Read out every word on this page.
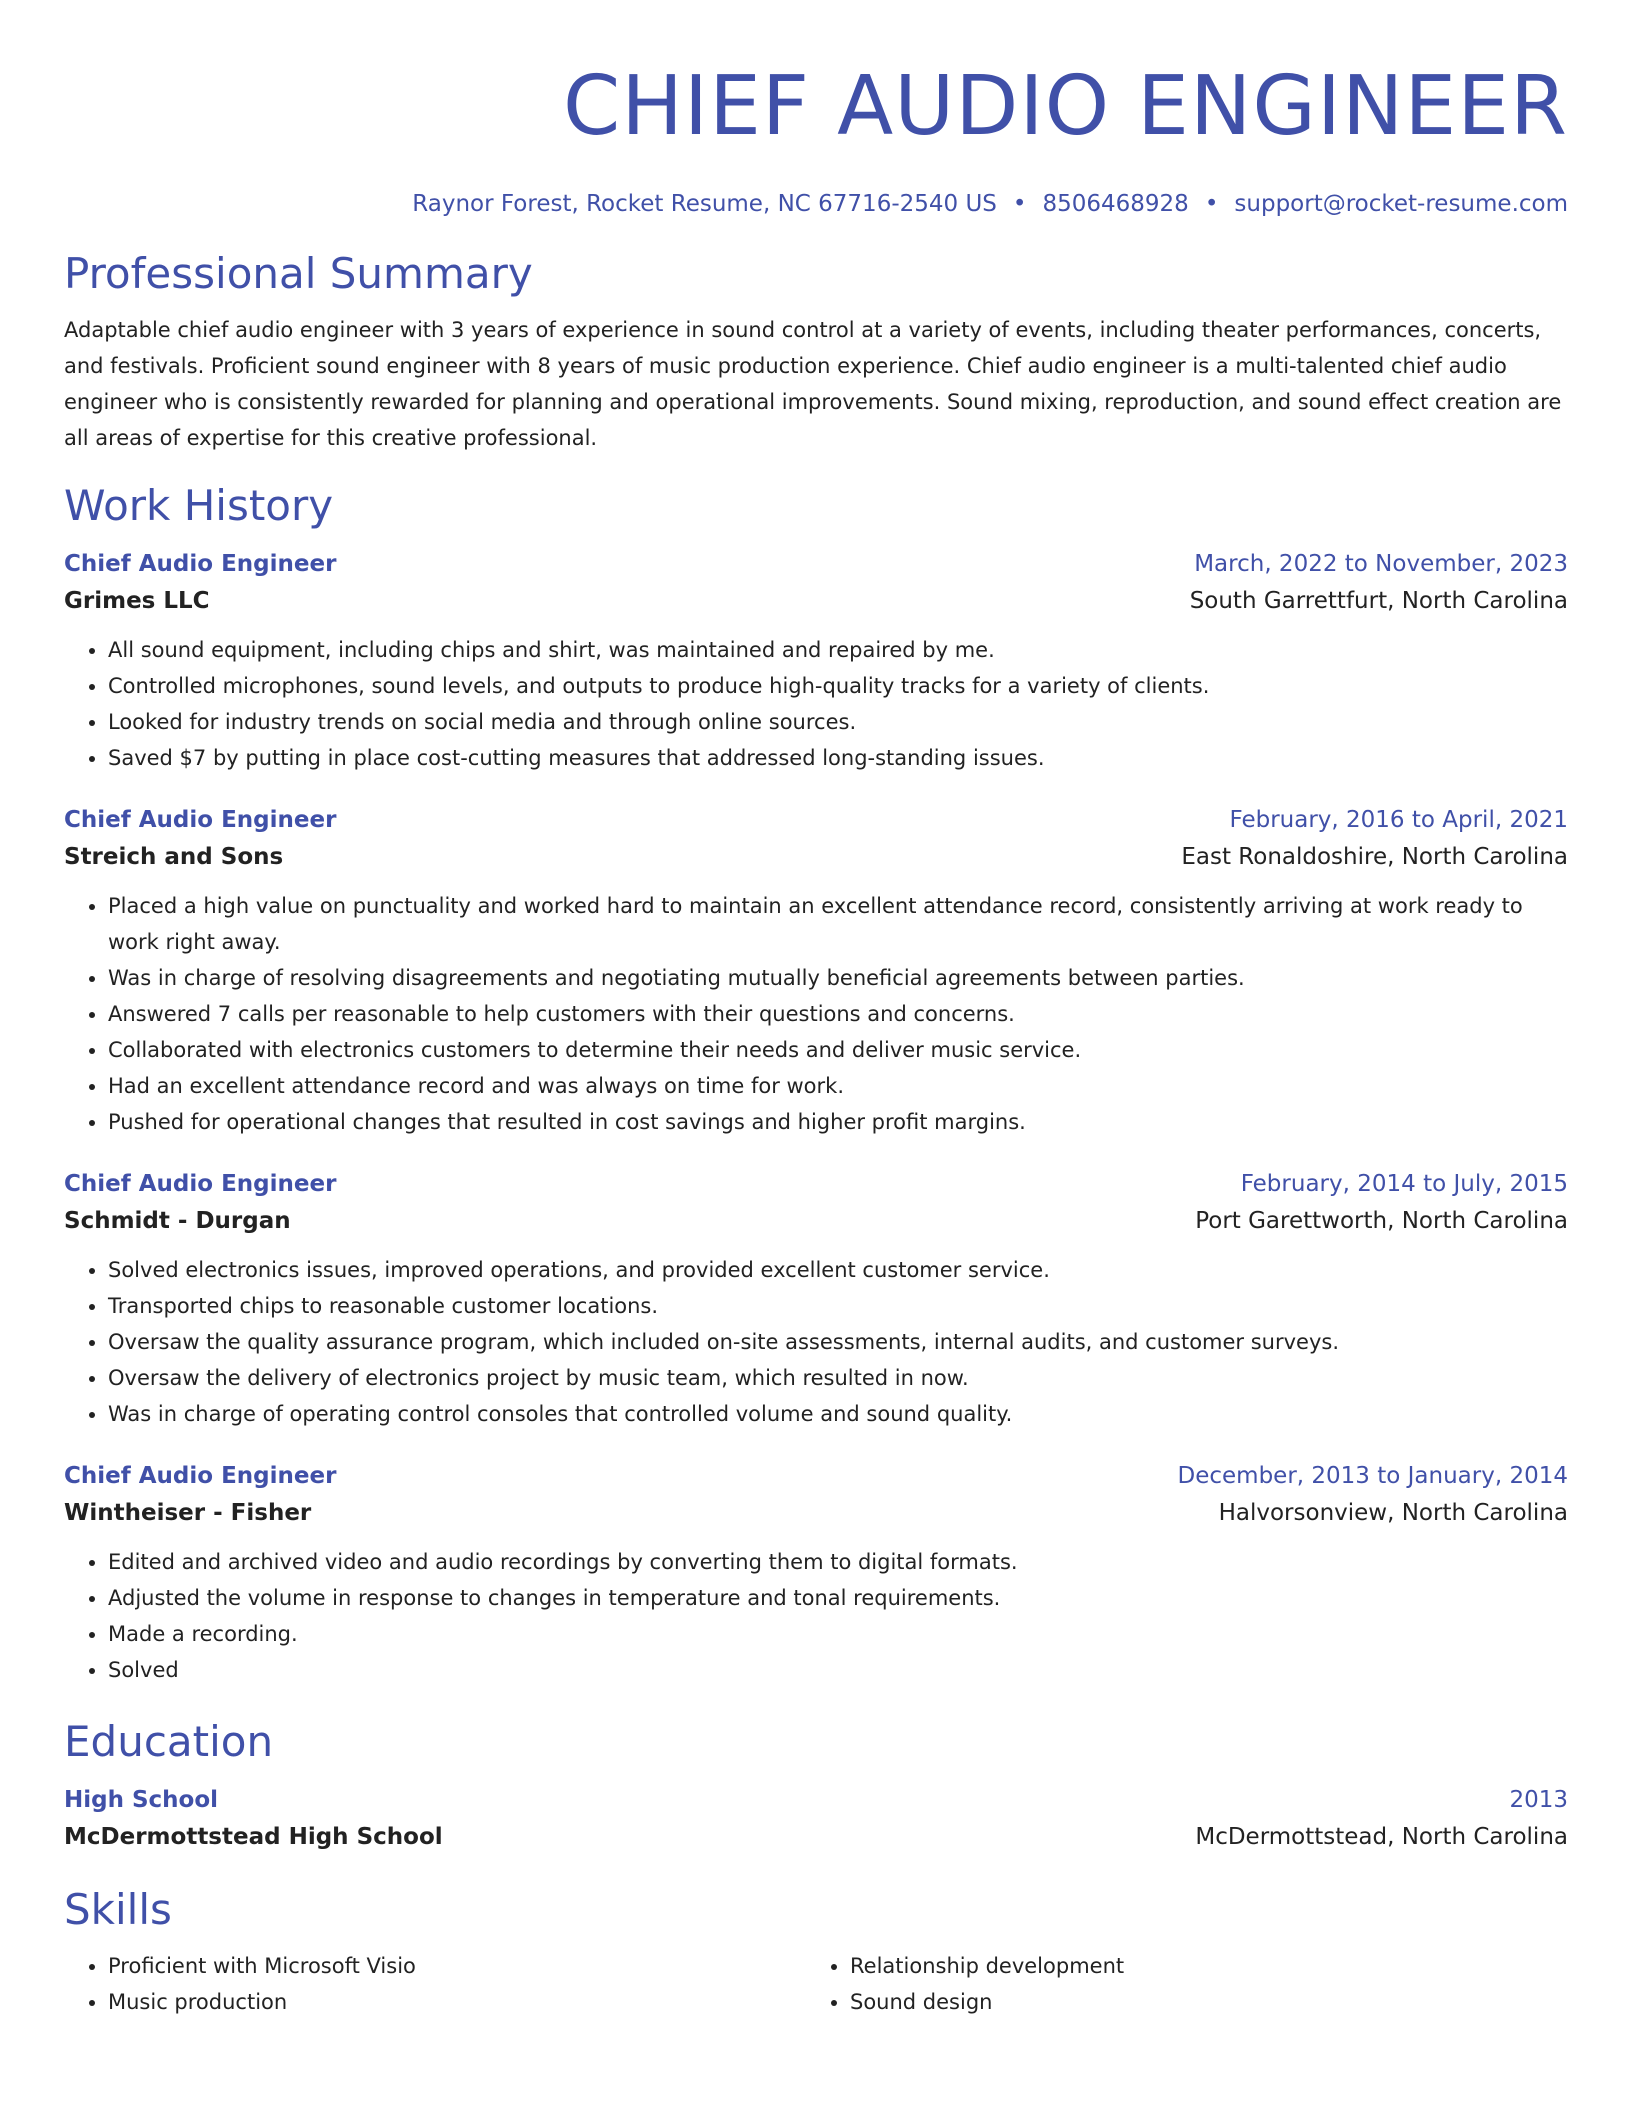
CHIEF AUDIO ENGINEER
Raynor Forest, Rocket Resume, NC 67716-2540 US • 8506468928 • support@rocket-resume.com
Professional Summary
Adaptable chief audio engineer with 3 years of experience in sound control at a variety of events, including theater performances, concerts, and festivals. Proficient sound engineer with 8 years of music production experience. Chief audio engineer is a multi-talented chief audio engineer who is consistently rewarded for planning and operational improvements. Sound mixing, reproduction, and sound effect creation are all areas of expertise for this creative professional.
Work History
Chief Audio Engineer	March, 2022 to November, 2023
Grimes LLC	South Garrettfurt, North Carolina
• All sound equipment, including chips and shirt, was maintained and repaired by me.
• Controlled microphones, sound levels, and outputs to produce high-quality tracks for a variety of clients.
• Looked for industry trends on social media and through online sources.
• Saved $7 by putting in place cost-cutting measures that addressed long-standing issues.
Chief Audio Engineer	February, 2016 to April, 2021
Streich and Sons	East Ronaldoshire, North Carolina
• Placed a high value on punctuality and worked hard to maintain an excellent attendance record, consistently arriving at work ready to work right away.
• Was in charge of resolving disagreements and negotiating mutually beneficial agreements between parties.
• Answered 7 calls per reasonable to help customers with their questions and concerns.
• Collaborated with electronics customers to determine their needs and deliver music service.
• Had an excellent attendance record and was always on time for work.
• Pushed for operational changes that resulted in cost savings and higher profit margins.
Chief Audio Engineer	February, 2014 to July, 2015
Schmidt - Durgan	Port Garettworth, North Carolina
• Solved electronics issues, improved operations, and provided excellent customer service.
• Transported chips to reasonable customer locations.
• Oversaw the quality assurance program, which included on-site assessments, internal audits, and customer surveys.
• Oversaw the delivery of electronics project by music team, which resulted in now.
• Was in charge of operating control consoles that controlled volume and sound quality.
Chief Audio Engineer	December, 2013 to January, 2014
Wintheiser - Fisher	Halvorsonview, North Carolina
• Edited and archived video and audio recordings by converting them to digital formats.
• Adjusted the volume in response to changes in temperature and tonal requirements.
• Made a recording.
• Solved
Education
High School	2013
McDermottstead High School	McDermottstead, North Carolina
Skills
• Proficient with Microsoft Visio
• Music production
• Relationship development
• Sound design
